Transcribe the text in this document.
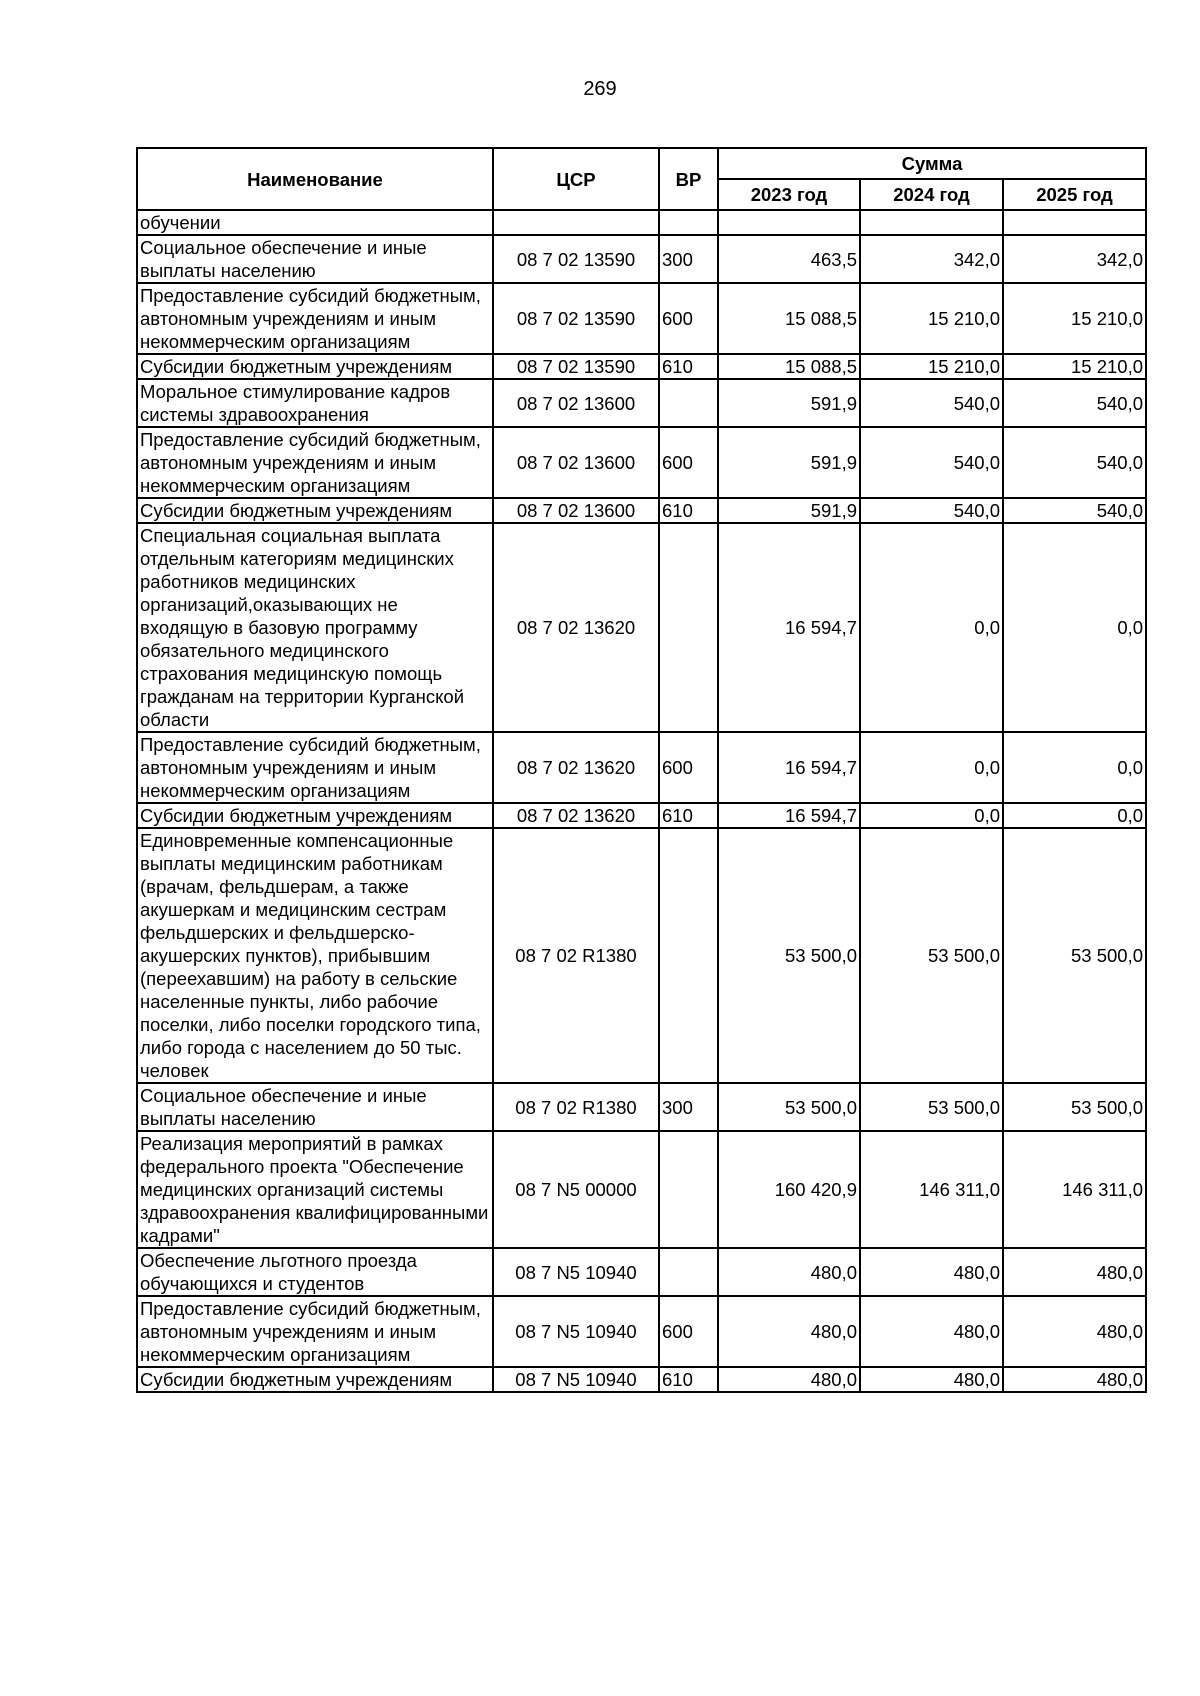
269
Наименование	ЦСР	ВР	Сумма		
			2023 год	2024 год	2025 год
обучении					
Социальное обеспечение и иные выплаты населению	08 7 02 13590	300	463,5	342,0	342,0
Предоставление субсидий бюджетным, автономным учреждениям и иным некоммерческим организациям	08 7 02 13590	600	15 088,5	15 210,0	15 210,0
Субсидии бюджетным учреждениям	08 7 02 13590	610	15 088,5	15 210,0	15 210,0
Моральное стимулирование кадров системы здравоохранения	08 7 02 13600		591,9	540,0	540,0
Предоставление субсидий бюджетным, автономным учреждениям и иным некоммерческим организациям	08 7 02 13600	600	591,9	540,0	540,0
Субсидии бюджетным учреждениям	08 7 02 13600	610	591,9	540,0	540,0
Специальная социальная выплата отдельным категориям медицинских работников медицинских организаций,оказывающих не входящую в базовую программу обязательного медицинского страхования медицинскую помощь гражданам на территории Курганской области	08 7 02 13620		16 594,7	0,0	0,0
Предоставление субсидий бюджетным, автономным учреждениям и иным некоммерческим организациям	08 7 02 13620	600	16 594,7	0,0	0,0
Субсидии бюджетным учреждениям	08 7 02 13620	610	16 594,7	0,0	0,0
Единовременные компенсационные выплаты медицинским работникам (врачам, фельдшерам, а также акушеркам и медицинским сестрам фельдшерских и фельдшерско-акушерских пунктов), прибывшим (переехавшим) на работу в сельские населенные пункты, либо рабочие поселки, либо поселки городского типа, либо города с населением до 50 тыс. человек	08 7 02 R1380		53 500,0	53 500,0	53 500,0
Социальное обеспечение и иные выплаты населению	08 7 02 R1380	300	53 500,0	53 500,0	53 500,0
Реализация мероприятий в рамках федерального проекта "Обеспечение медицинских организаций системы здравоохранения квалифицированными кадрами"	08 7 N5 00000		160 420,9	146 311,0	146 311,0
Обеспечение льготного проезда обучающихся и студентов	08 7 N5 10940		480,0	480,0	480,0
Предоставление субсидий бюджетным, автономным учреждениям и иным некоммерческим организациям	08 7 N5 10940	600	480,0	480,0	480,0
Субсидии бюджетным учреждениям	08 7 N5 10940	610	480,0	480,0	480,0
